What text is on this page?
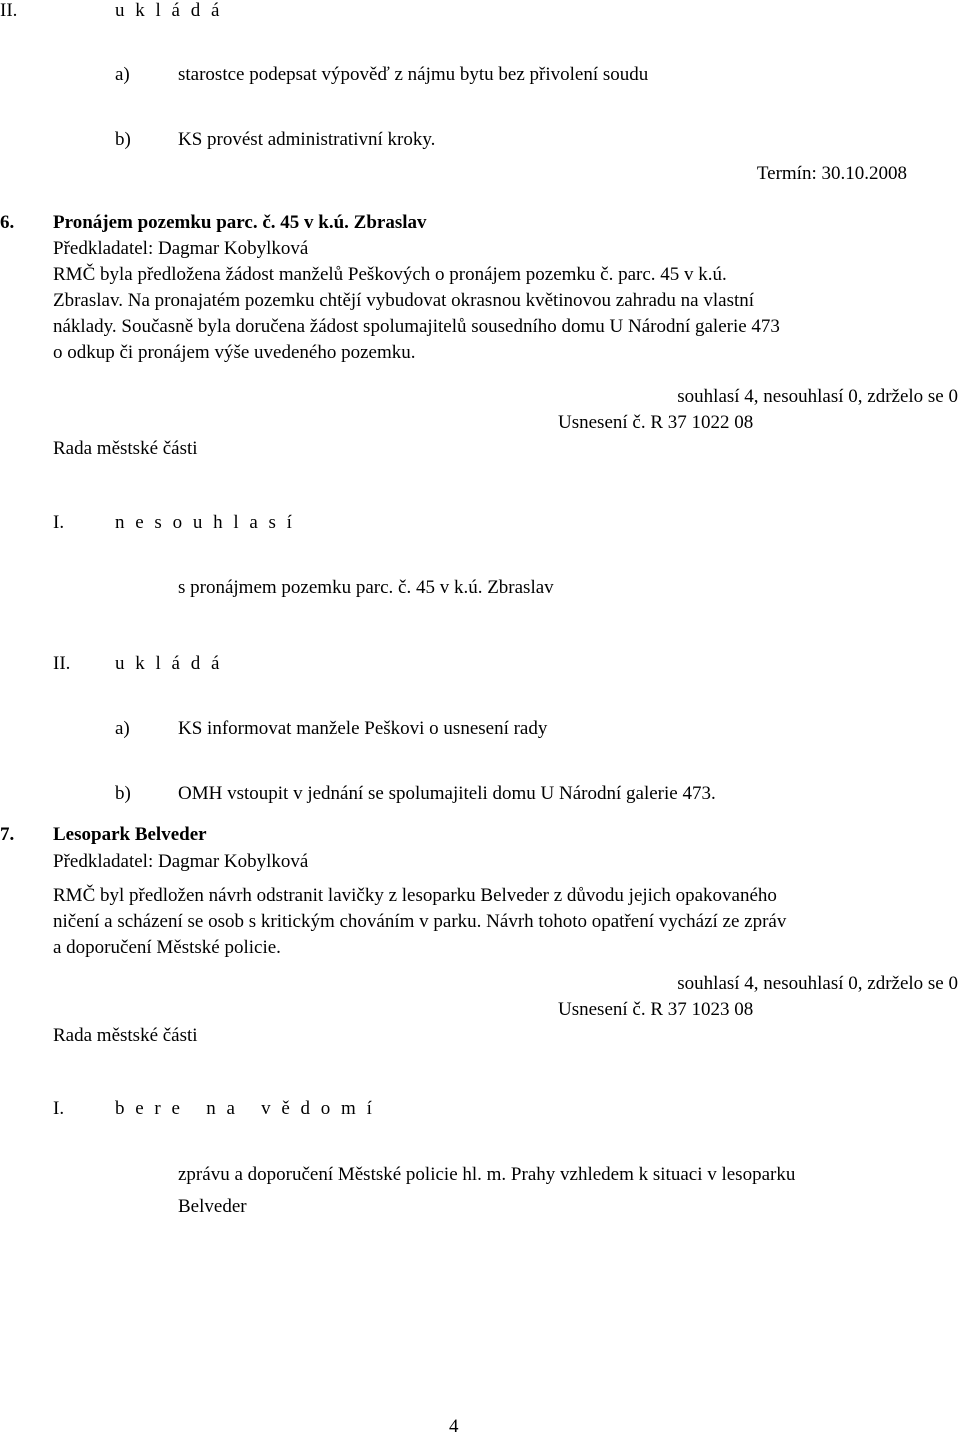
II.	u k l á d á
a)	starostce podepsat výpověď z nájmu bytu bez přivolení soudu
b) KS provést administrativní kroky.
Termín: 30.10.2008
6. Pronájem pozemku parc. č. 45 v k.ú. Zbraslav
Předkladatel: Dagmar Kobylková
RMČ byla předložena žádost manželů Peškových o pronájem pozemku č. parc. 45 v k.ú.
Zbraslav. Na pronajatém pozemku chtějí vybudovat okrasnou květinovou zahradu na vlastní
náklady. Současně byla doručena žádost spolumajitelů sousedního domu U Národní galerie 473
o odkup či pronájem výše uvedeného pozemku.
souhlasí 4, nesouhlasí 0, zdrželo se 0
Usnesení č. R 37 1022 08
Rada městské části
I.	n e s o u h l a s í
s pronájmem pozemku parc. č. 45 v k.ú. Zbraslav
II. u k l á d á
a)	KS informovat manžele Peškovi o usnesení rady
b) OMH vstoupit v jednání se spolumajiteli domu U Národní galerie 473.
7. Lesopark Belveder
Předkladatel: Dagmar Kobylková
RMČ byl předložen návrh odstranit lavičky z lesoparku Belveder z důvodu jejich opakovaného
ničení a scházení se osob s kritickým chováním v parku. Návrh tohoto opatření vychází ze zpráv
a doporučení Městské policie.
souhlasí 4, nesouhlasí 0, zdrželo se 0
Usnesení č. R 37 1023 08
Rada městské části
I.	b e r e   n a   v ě d o m í
zprávu a doporučení Městské policie hl. m. Prahy vzhledem k situaci v lesoparku
Belveder
4
